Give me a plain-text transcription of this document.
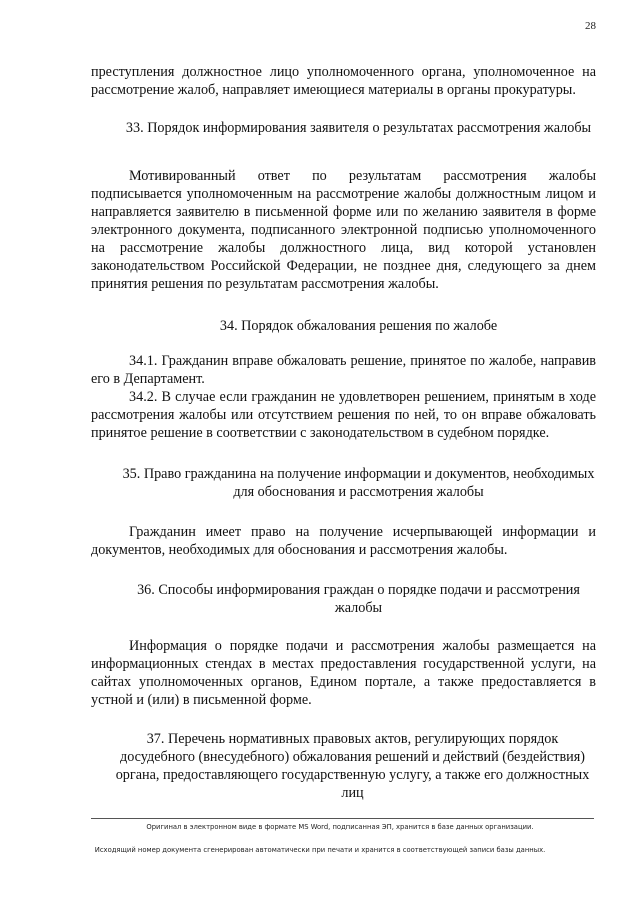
28

преступления должностное лицо уполномоченного органа, уполномоченное на рассмотрение жалоб, направляет имеющиеся материалы в органы прокуратуры.

33. Порядок информирования заявителя о результатах рассмотрения жалобы

Мотивированный ответ по результатам рассмотрения жалобы подписывается уполномоченным на рассмотрение жалобы должностным лицом и направляется заявителю в письменной форме или по желанию заявителя в форме электронного документа, подписанного электронной подписью уполномоченного на рассмотрение жалобы должностного лица, вид которой установлен законодательством Российской Федерации, не позднее дня, следующего за днем принятия решения по результатам рассмотрения жалобы.

34. Порядок обжалования решения по жалобе

34.1. Гражданин вправе обжаловать решение, принятое по жалобе, направив его в Департамент.

34.2. В случае если гражданин не удовлетворен решением, принятым в ходе рассмотрения жалобы или отсутствием решения по ней, то он вправе обжаловать принятое решение в соответствии с законодательством в судебном порядке.

35. Право гражданина на получение информации и документов, необходимых для обоснования и рассмотрения жалобы

Гражданин имеет право на получение исчерпывающей информации и документов, необходимых для обоснования и рассмотрения жалобы.

36. Способы информирования граждан о порядке подачи и рассмотрения жалобы

Информация о порядке подачи и рассмотрения жалобы размещается на информационных стендах в местах предоставления государственной услуги, на сайтах уполномоченных органов, Едином портале, а также предоставляется в устной и (или) в письменной форме.

37. Перечень нормативных правовых актов, регулирующих порядок досудебного (внесудебного) обжалования решений и действий (бездействия) органа, предоставляющего государственную услугу, а также его должностных лиц
Оригинал в электронном виде в формате MS Word, подписанная ЭП, хранится в базе данных организации.
Исходящий номер документа сгенерирован автоматически при печати и хранится в соответствующей записи базы данных.
